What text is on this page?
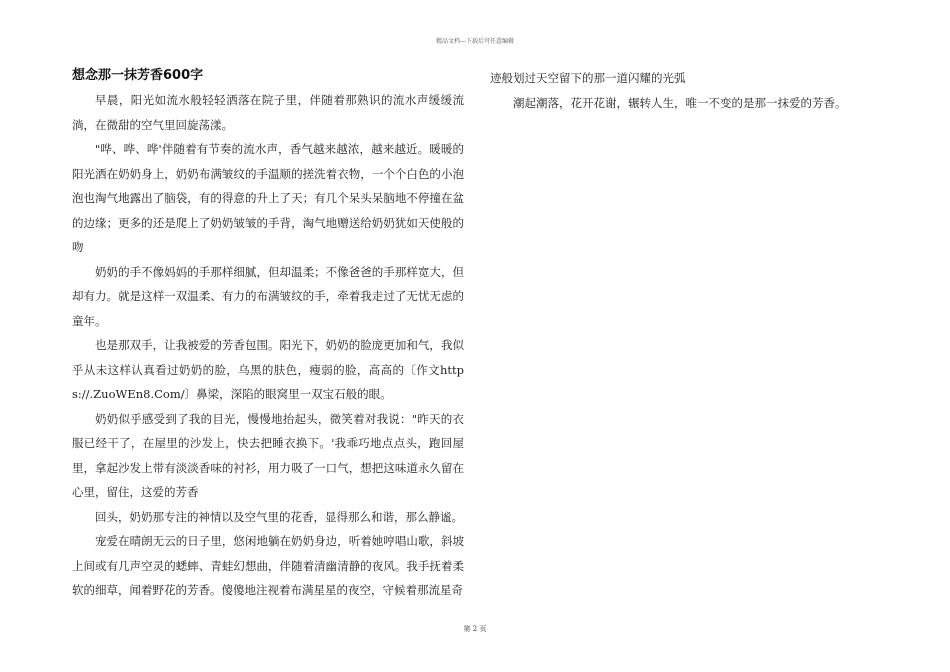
精品文档---下载后可任意编辑
想念那一抹芳香600字

早晨，阳光如流水般轻轻洒落在院子里，伴随着那熟识的流水声缓缓流淌，在微甜的空气里回旋荡漾。

"哗、哗、哗'伴随着有节奏的流水声，香气越来越浓，越来越近。暖暖的阳光洒在奶奶身上，奶奶布满皱纹的手温顺的搓洗着衣物，一个个白色的小泡泡也淘气地露出了脑袋，有的得意的升上了天；有几个呆头呆脑地不停撞在盆的边缘；更多的还是爬上了奶奶皱皱的手背，淘气地赠送给奶奶犹如天使般的吻

奶奶的手不像妈妈的手那样细腻，但却温柔；不像爸爸的手那样宽大，但却有力。就是这样一双温柔、有力的布满皱纹的手，牵着我走过了无忧无虑的童年。

也是那双手，让我被爱的芳香包围。阳光下，奶奶的脸庞更加和气，我似乎从未这样认真看过奶奶的脸，乌黑的肤色，瘦弱的脸，高高的〔作文https://.ZuoWEn8.Com/〕鼻梁，深陷的眼窝里一双宝石般的眼。

奶奶似乎感受到了我的目光，慢慢地抬起头，微笑着对我说："昨天的衣服已经干了，在屋里的沙发上，快去把睡衣换下。'我乖巧地点点头，跑回屋里，拿起沙发上带有淡淡香味的衬衫，用力吸了一口气，想把这味道永久留在心里，留住，这爱的芳香

回头，奶奶那专注的神情以及空气里的花香，显得那么和谐，那么静谧。

宠爱在晴朗无云的日子里，悠闲地躺在奶奶身边，听着她哼唱山歌，斜坡上间或有几声空灵的蟋蟀、青蛙幻想曲，伴随着清幽清静的夜风。我手抚着柔软的细草，闻着野花的芳香。傻傻地注视着布满星星的夜空，守候着那流星奇

迹般划过天空留下的那一道闪耀的光弧

潮起潮落，花开花谢，辗转人生，唯一不变的是那一抹爱的芳香。

第 2 页
